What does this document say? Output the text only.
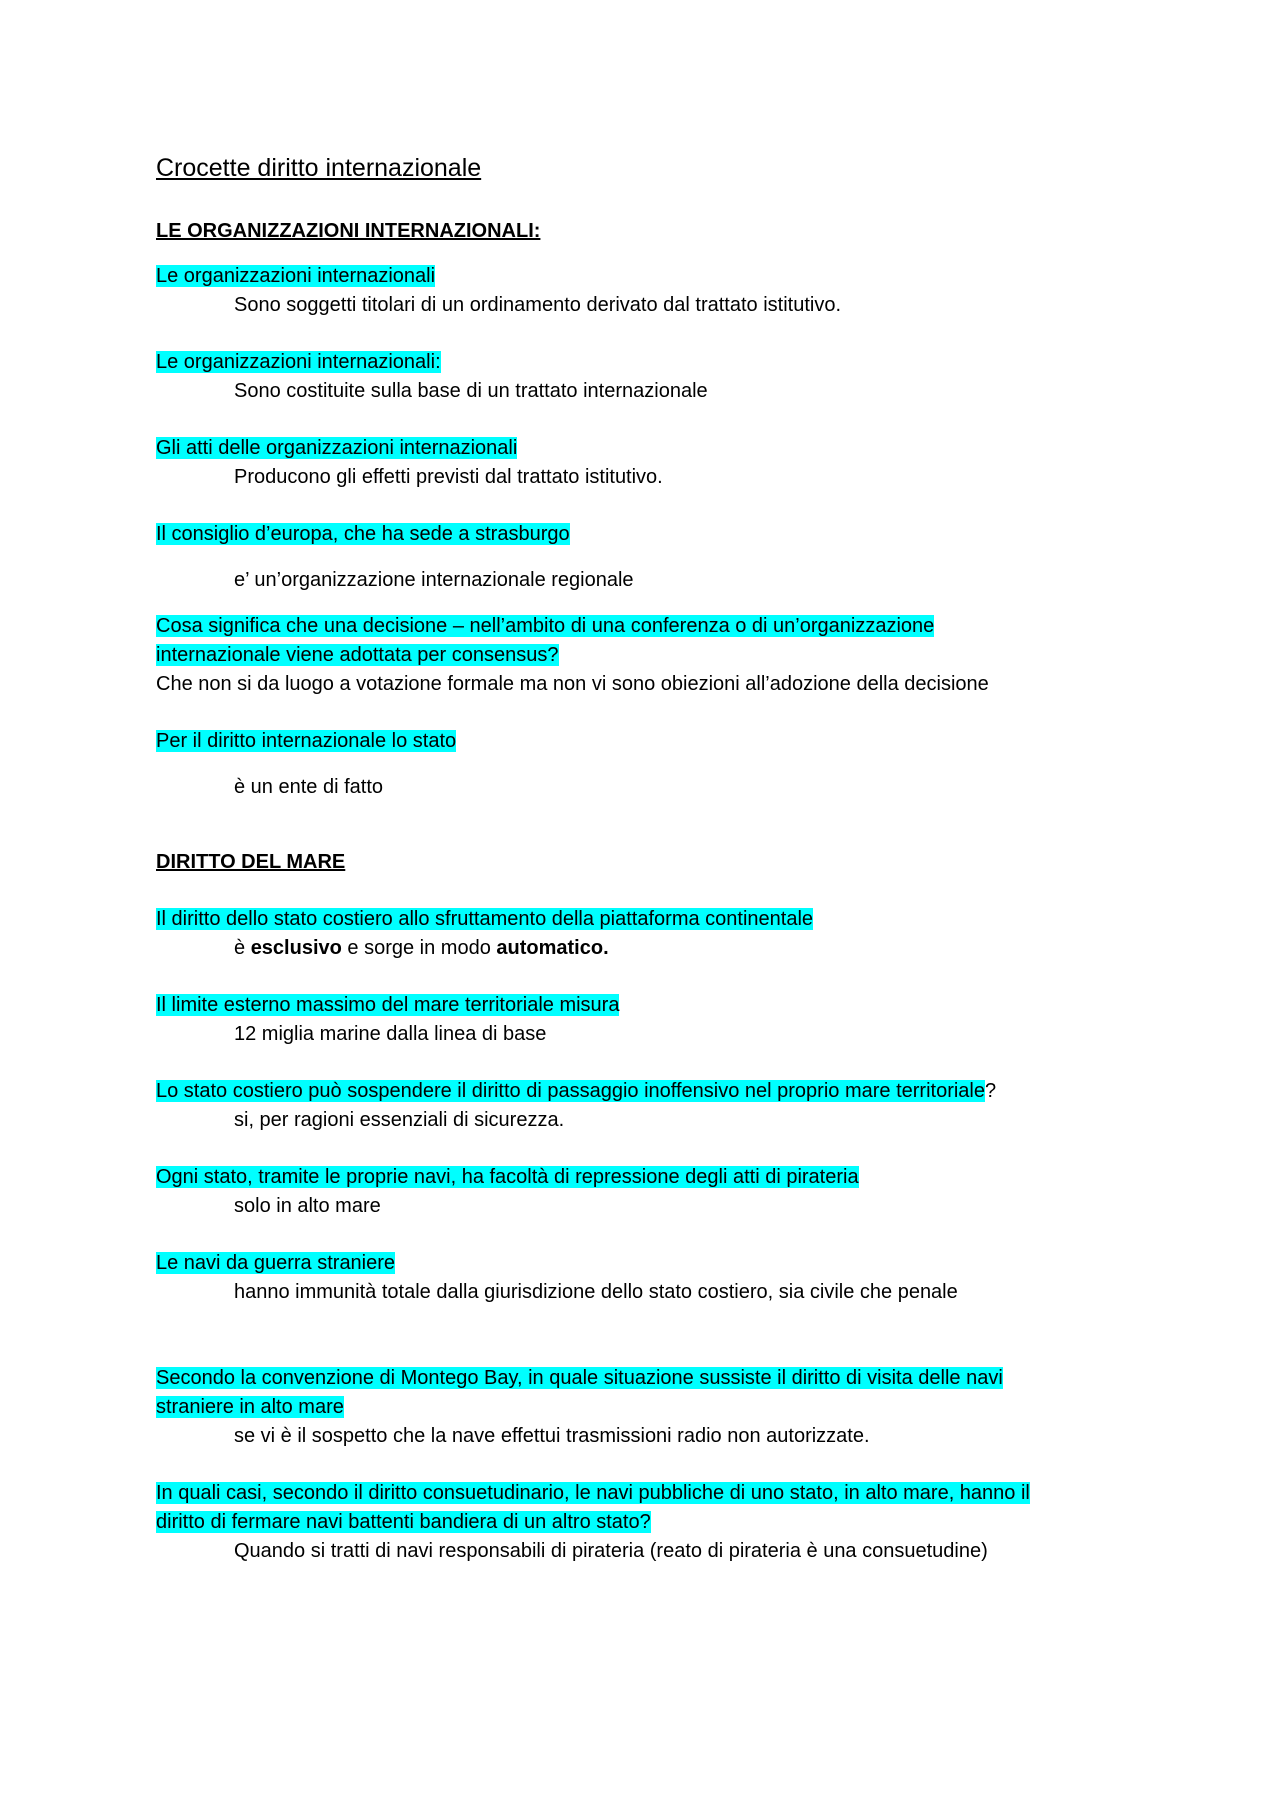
Crocette diritto internazionale
LE ORGANIZZAZIONI INTERNAZIONALI:

Le organizzazioni internazionali

Sono soggetti titolari di un ordinamento derivato dal trattato istitutivo.

Le organizzazioni internazionali:

Sono costituite sulla base di un trattato internazionale

Gli atti delle organizzazioni internazionali

Producono gli effetti previsti dal trattato istitutivo.

Il consiglio d’europa, che ha sede a strasburgo

e’ un’organizzazione internazionale regionale

Cosa significa che una decisione – nell’ambito di una conferenza o di un’organizzazione

internazionale viene adottata per consensus?

Che non si da luogo a votazione formale ma non vi sono obiezioni all’adozione della decisione

Per il diritto internazionale lo stato

è un ente di fatto

DIRITTO DEL MARE

Il diritto dello stato costiero allo sfruttamento della piattaforma continentale

è esclusivo e sorge in modo automatico.

Il limite esterno massimo del mare territoriale misura

12 miglia marine dalla linea di base

Lo stato costiero può sospendere il diritto di passaggio inoffensivo nel proprio mare territoriale?

si, per ragioni essenziali di sicurezza.

Ogni stato, tramite le proprie navi, ha facoltà di repressione degli atti di pirateria

solo in alto mare

Le navi da guerra straniere

hanno immunità totale dalla giurisdizione dello stato costiero, sia civile che penale

Secondo la convenzione di Montego Bay, in quale situazione sussiste il diritto di visita delle navi

straniere in alto mare

se vi è il sospetto che la nave effettui trasmissioni radio non autorizzate.

In quali casi, secondo il diritto consuetudinario, le navi pubbliche di uno stato, in alto mare, hanno il

diritto di fermare navi battenti bandiera di un altro stato?

Quando si tratti di navi responsabili di pirateria (reato di pirateria è una consuetudine)
